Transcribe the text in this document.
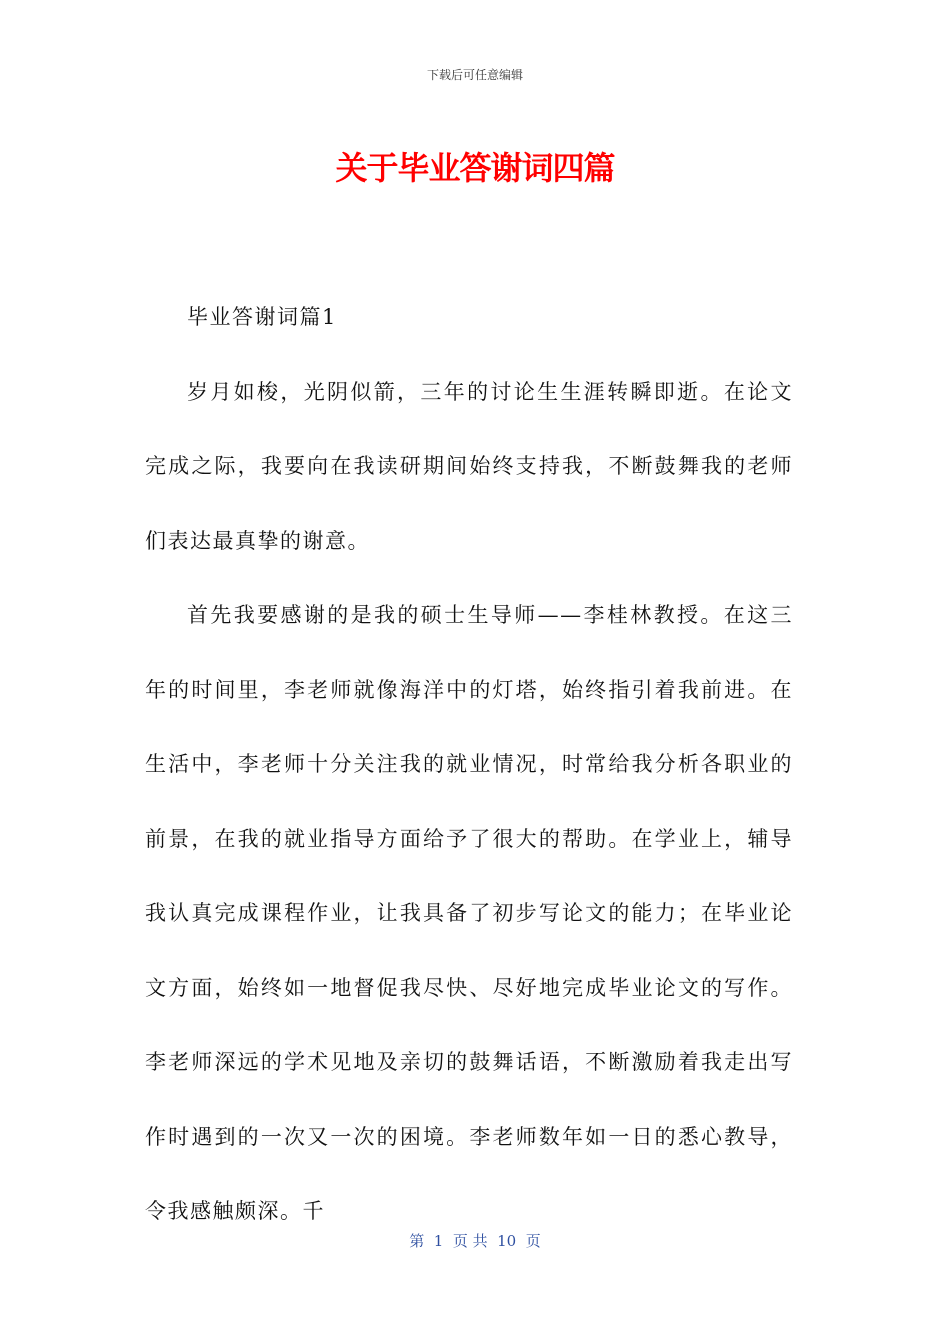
下载后可任意编辑
关于毕业答谢词四篇

毕业答谢词篇1

岁月如梭，光阴似箭，三年的讨论生生涯转瞬即逝。在论文完成之际，我要向在我读研期间始终支持我，不断鼓舞我的老师们表达最真挚的谢意。

首先我要感谢的是我的硕士生导师——李桂林教授。在这三年的时间里，李老师就像海洋中的灯塔，始终指引着我前进。在生活中，李老师十分关注我的就业情况，时常给我分析各职业的前景，在我的就业指导方面给予了很大的帮助。在学业上，辅导我认真完成课程作业，让我具备了初步写论文的能力；在毕业论文方面，始终如一地督促我尽快、尽好地完成毕业论文的写作。李老师深远的学术见地及亲切的鼓舞话语，不断激励着我走出写作时遇到的一次又一次的困境。李老师数年如一日的悉心教导，令我感触颇深。千

第  1  页 共  10  页
